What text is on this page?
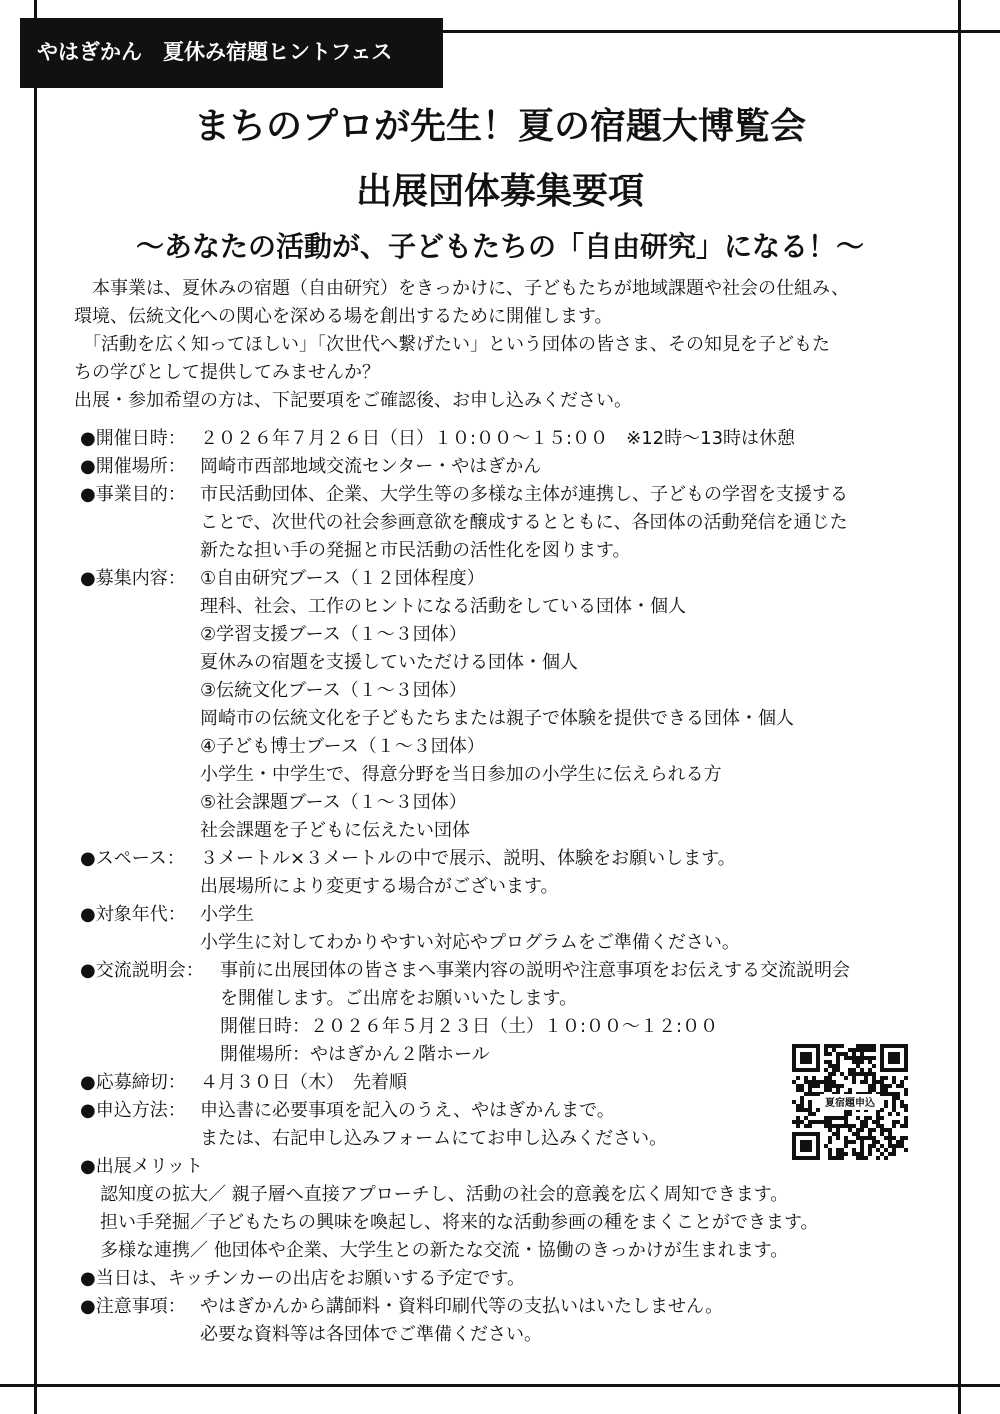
やはぎかん　夏休み宿題ヒントフェス
まちのプロが先生！夏の宿題大博覧会
出展団体募集要項
〜あなたの活動が、子どもたちの「自由研究」になる！〜
　本事業は、夏休みの宿題（自由研究）をきっかけに、子どもたちが地域課題や社会の仕組み、
環境、伝統文化への関心を深める場を創出するために開催します。
　「活動を広く知ってほしい」「次世代へ繋げたい」という団体の皆さま、その知見を子どもた
ちの学びとして提供してみませんか？
出展・参加希望の方は、下記要項をご確認後、お申し込みください。
●開催日時： ２０２６年７月２６日（日）１０:００～１５:００　※12時～13時は休憩
●開催場所： 岡崎市西部地域交流センター・やはぎかん
●事業目的： 市民活動団体、企業、大学生等の多様な主体が連携し、子どもの学習を支援する
ことで、次世代の社会参画意欲を醸成するとともに、各団体の活動発信を通じた
新たな担い手の発掘と市民活動の活性化を図ります。
●募集内容： ①自由研究ブース（１２団体程度）
理科、社会、工作のヒントになる活動をしている団体・個人
②学習支援ブース（１～３団体）
夏休みの宿題を支援していただける団体・個人
③伝統文化ブース（１～３団体）
岡崎市の伝統文化を子どもたちまたは親子で体験を提供できる団体・個人
④子ども博士ブース（１～３団体）
小学生・中学生で、得意分野を当日参加の小学生に伝えられる方
⑤社会課題ブース（１～３団体）
社会課題を子どもに伝えたい団体
●スペース： ３メートル×３メートルの中で展示、説明、体験をお願いします。
出展場所により変更する場合がございます。
●対象年代： 小学生
小学生に対してわかりやすい対応やプログラムをご準備ください。
●交流説明会： 事前に出展団体の皆さまへ事業内容の説明や注意事項をお伝えする交流説明会
を開催します。ご出席をお願いいたします。
開催日時：２０２６年５月２３日（土）１０:００～１２:００
開催場所：やはぎかん２階ホール
●応募締切： ４月３０日（木）　先着順
●申込方法： 申込書に必要事項を記入のうえ、やはぎかんまで。
または、右記申し込みフォームにてお申し込みください。
●出展メリット
認知度の拡大／ 親子層へ直接アプローチし、活動の社会的意義を広く周知できます。
担い手発掘／子どもたちの興味を喚起し、将来的な活動参画の種をまくことができます。
多様な連携／ 他団体や企業、大学生との新たな交流・協働のきっかけが生まれます。
●当日は、キッチンカーの出店をお願いする予定です。
●注意事項： やはぎかんから講師料・資料印刷代等の支払いはいたしません。
必要な資料等は各団体でご準備ください。
夏宿題申込
